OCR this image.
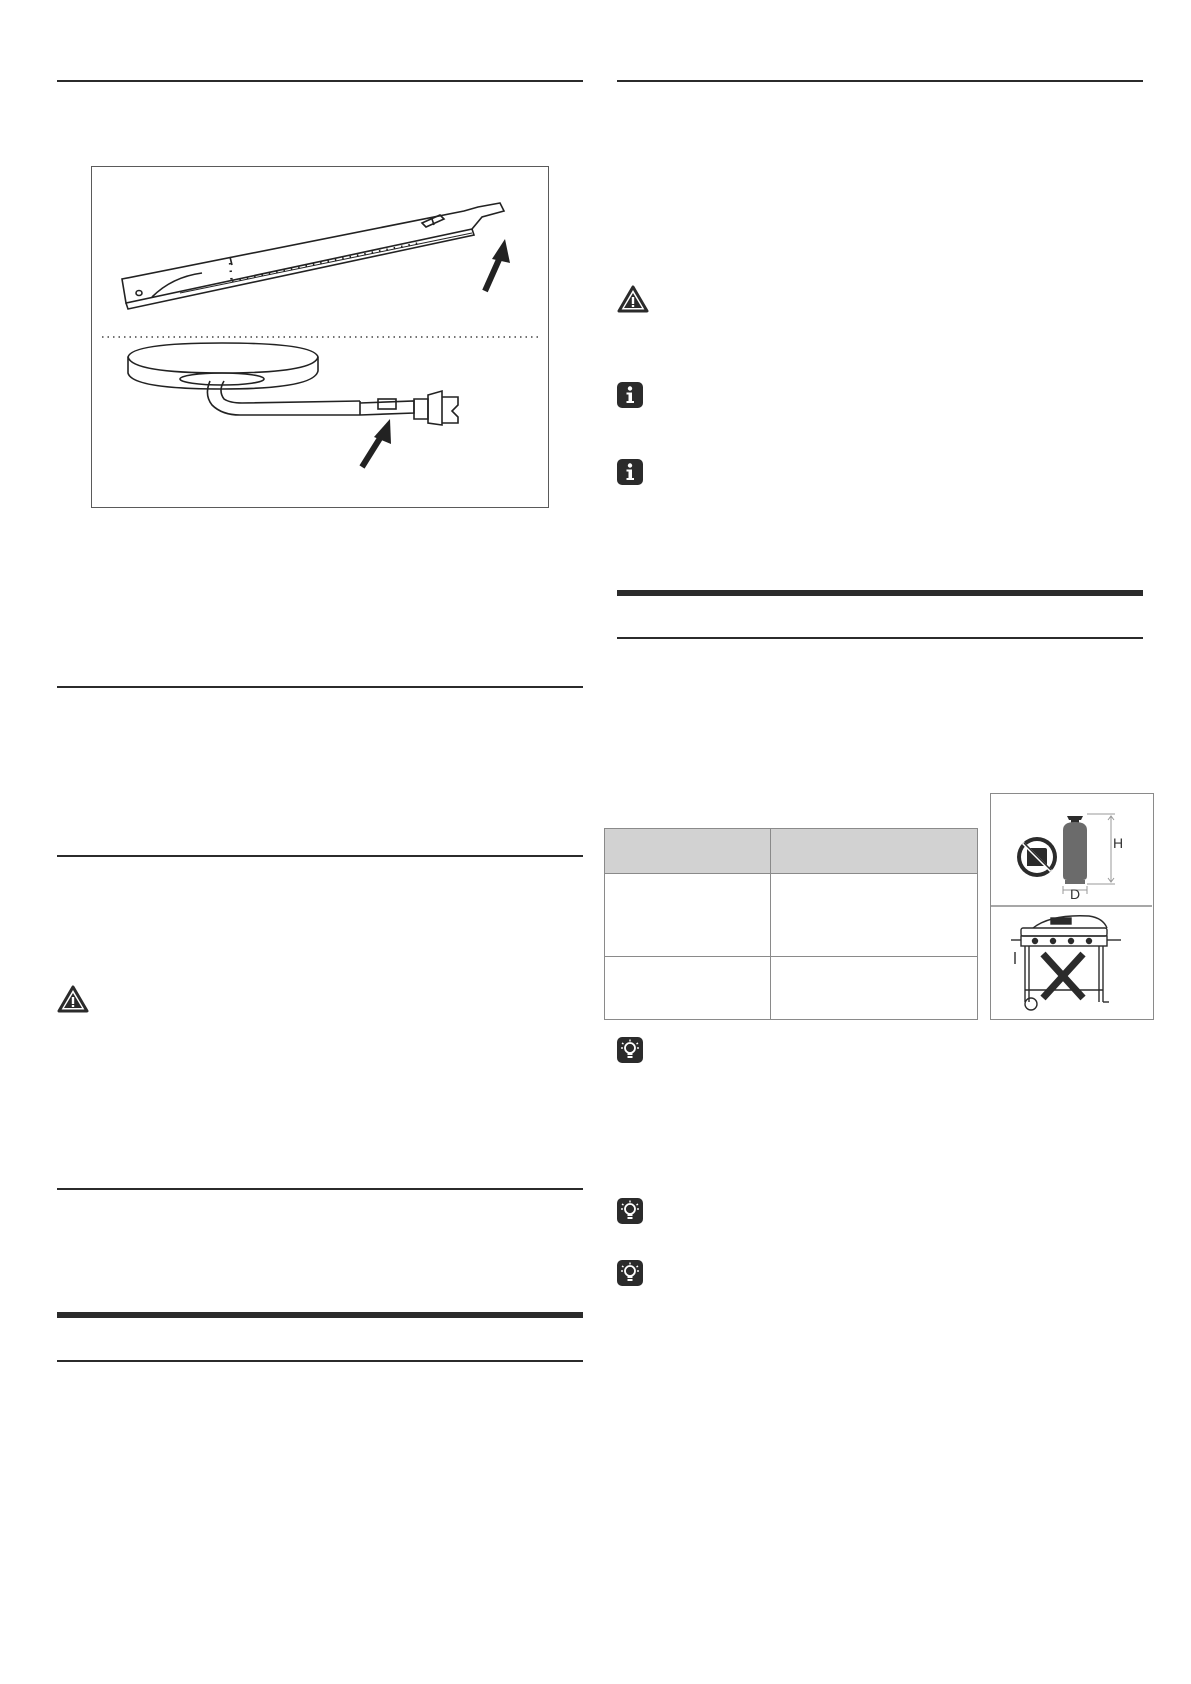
H
D
